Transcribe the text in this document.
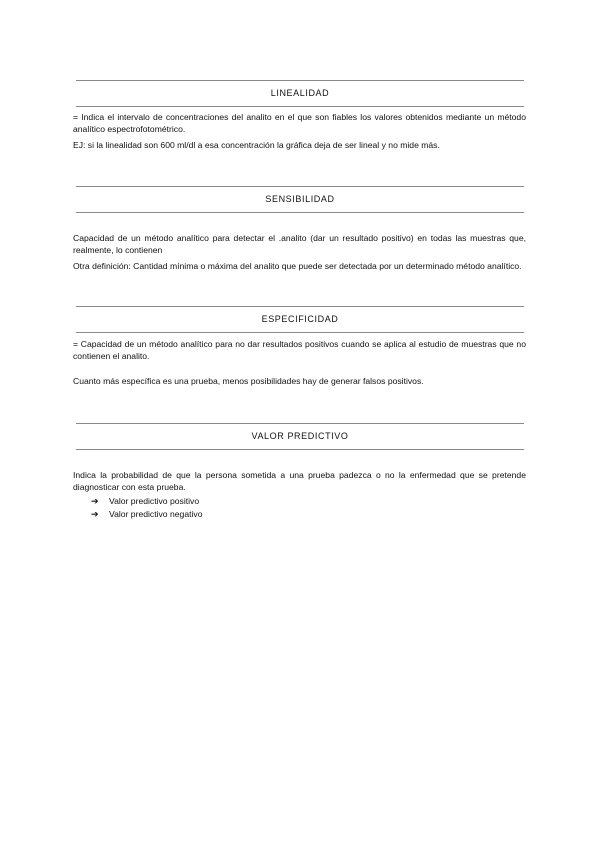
LINEALIDAD

= Indica el intervalo de concentraciones del analito en el que son fiables los valores obtenidos mediante un método analítico espectrofotométrico.

EJ: si la linealidad son 600 ml/dl a esa concentración la gráfica deja de ser lineal y no mide más.

SENSIBILIDAD

Capacidad de un método analítico para detectar el .analito (dar un resultado positivo) en todas las muestras que, realmente, lo contienen

Otra definición: Cantidad mínima o máxima del analito que puede ser detectada por un determinado método analítico.

ESPECIFICIDAD

= Capacidad de un método analítico para no dar resultados positivos cuando se aplica al estudio de muestras que no contienen el analito.

Cuanto más específica es una prueba, menos posibilidades hay de generar falsos positivos.

VALOR PREDICTIVO

Indica la probabilidad de que la persona sometida a una prueba padezca o no la enfermedad que se pretende diagnosticar con esta prueba.

➔	Valor predictivo positivo
➔	Valor predictivo negativo
